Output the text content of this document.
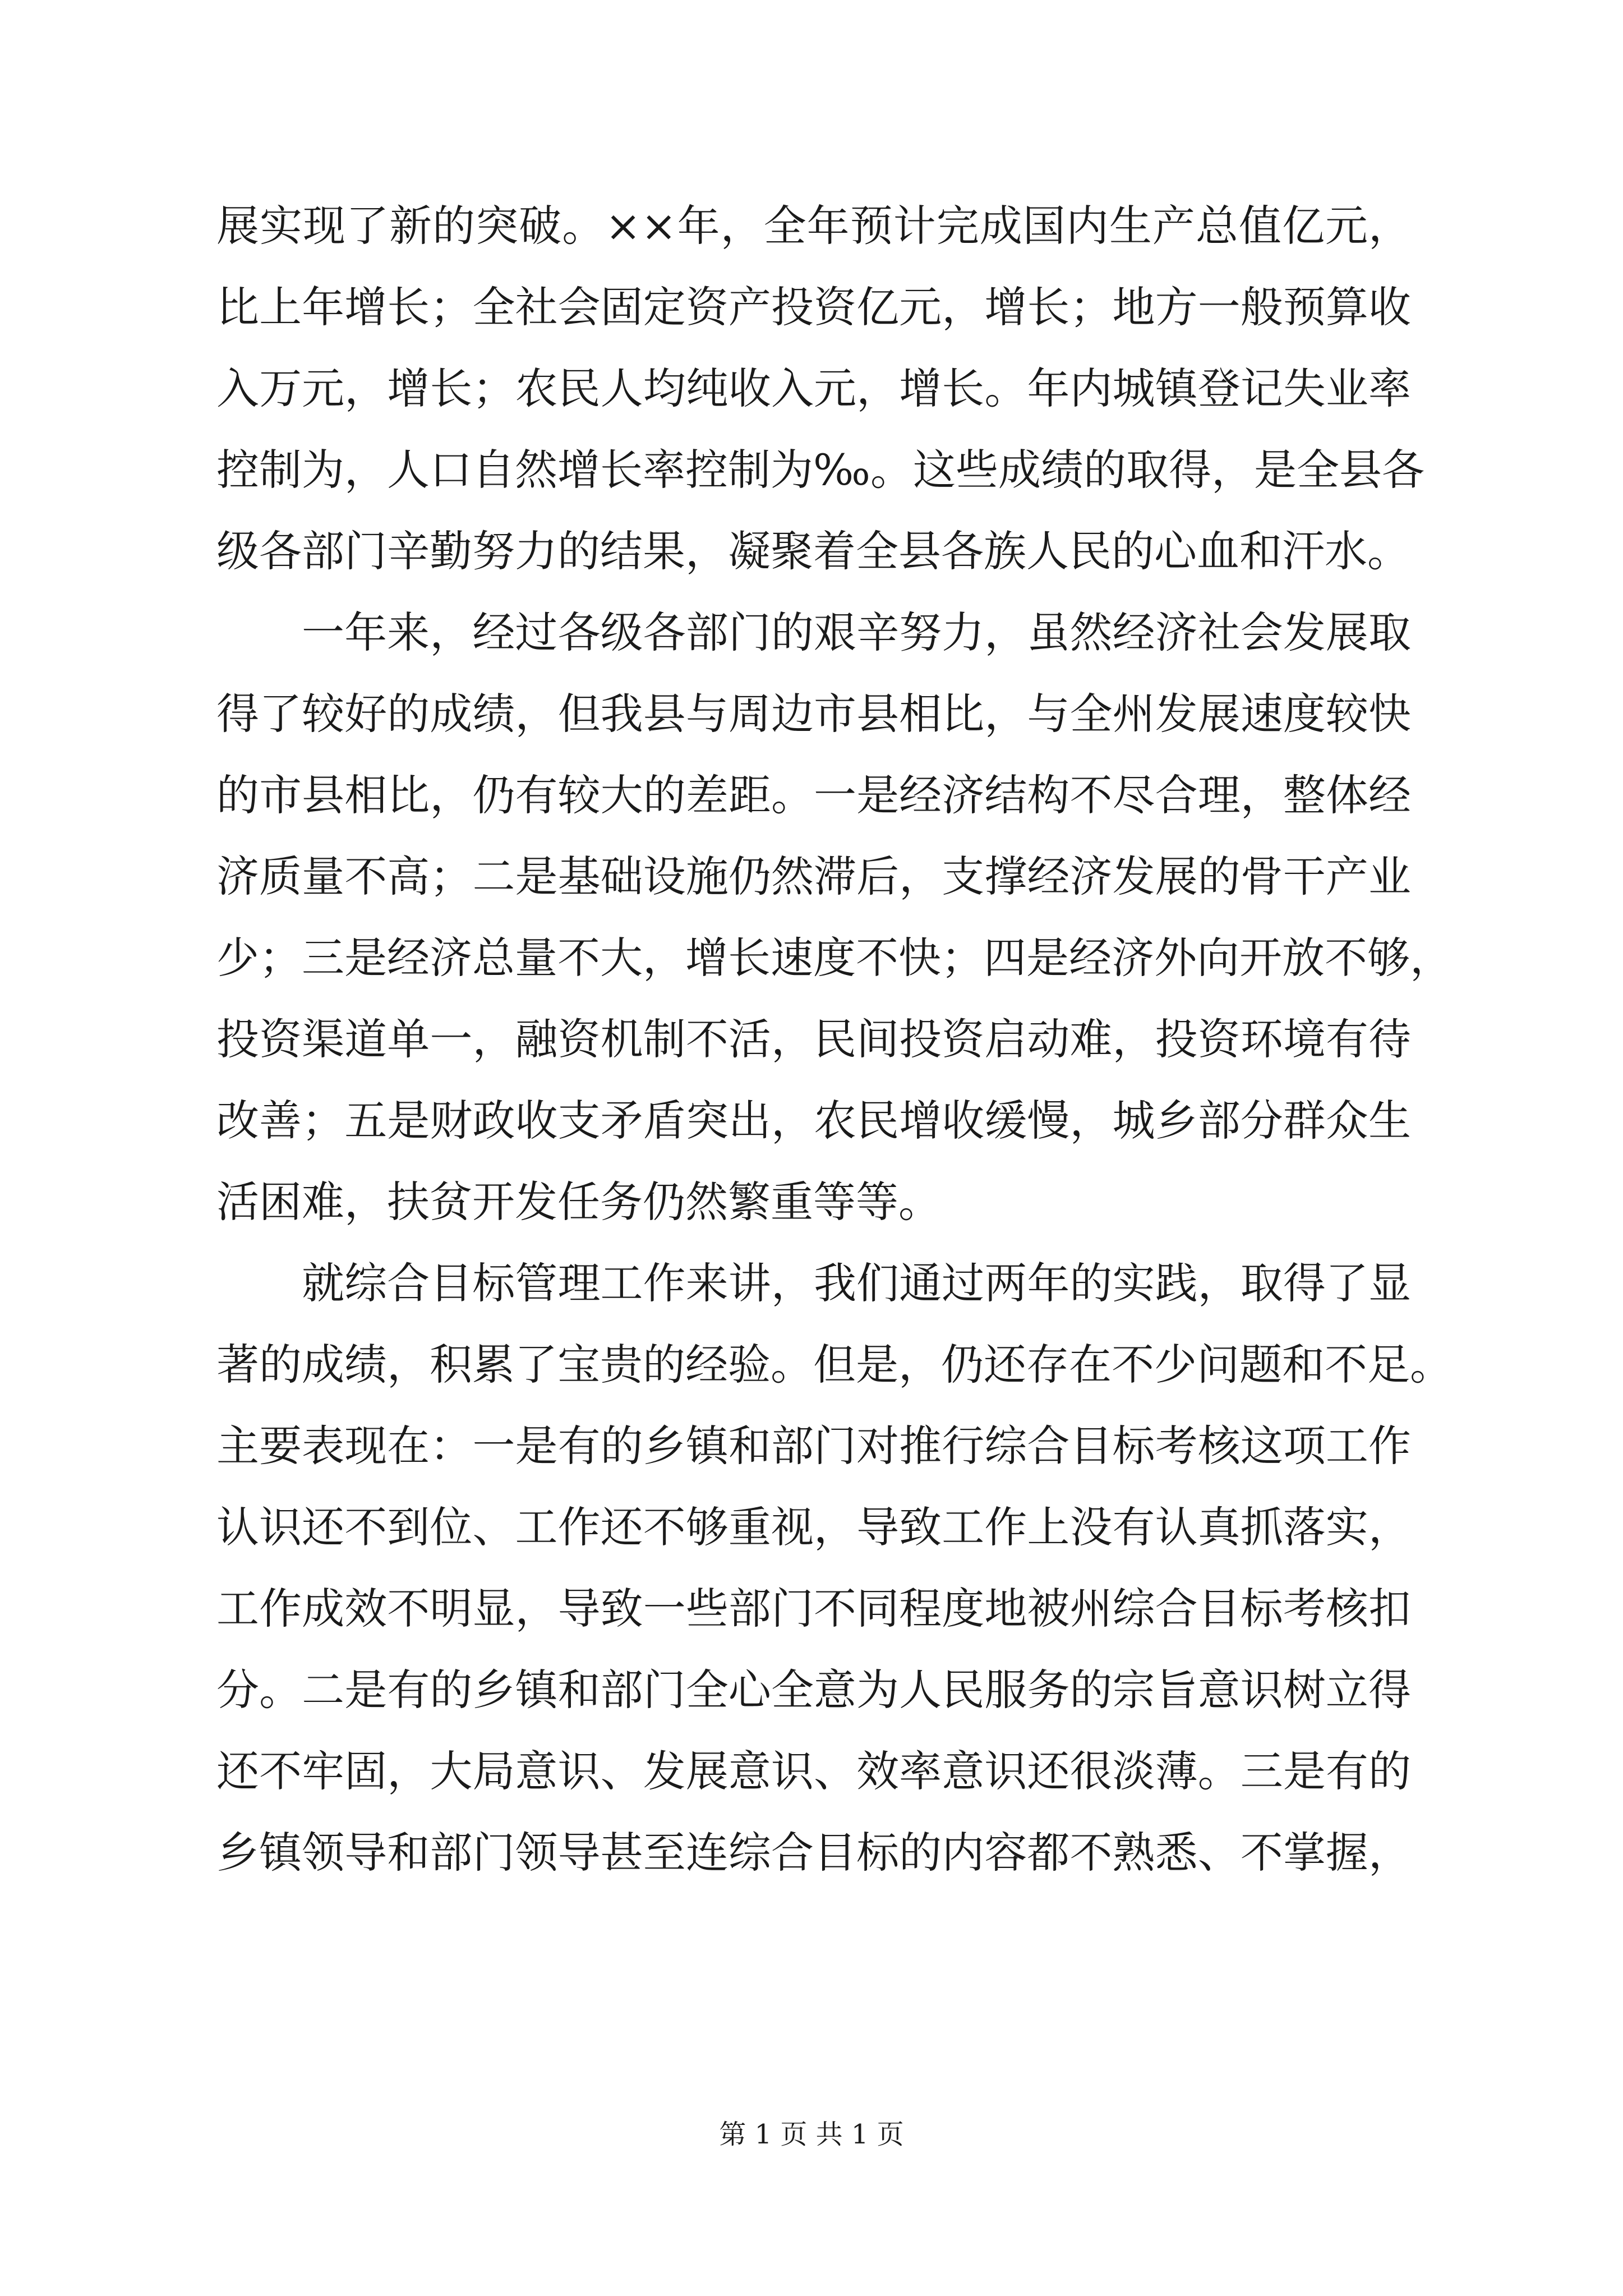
展实现了新的突破。××年，全年预计完成国内生产总值亿元，
比上年增长；全社会固定资产投资亿元，增长；地方一般预算收
入万元，增长；农民人均纯收入元，增长。年内城镇登记失业率
控制为，人口自然增长率控制为‰。这些成绩的取得，是全县各
级各部门辛勤努力的结果，凝聚着全县各族人民的心血和汗水。
一年来，经过各级各部门的艰辛努力，虽然经济社会发展取
得了较好的成绩，但我县与周边市县相比，与全州发展速度较快
的市县相比，仍有较大的差距。一是经济结构不尽合理，整体经
济质量不高；二是基础设施仍然滞后，支撑经济发展的骨干产业
少；三是经济总量不大，增长速度不快；四是经济外向开放不够，
投资渠道单一，融资机制不活，民间投资启动难，投资环境有待
改善；五是财政收支矛盾突出，农民增收缓慢，城乡部分群众生
活困难，扶贫开发任务仍然繁重等等。
就综合目标管理工作来讲，我们通过两年的实践，取得了显
著的成绩，积累了宝贵的经验。但是，仍还存在不少问题和不足。
主要表现在：一是有的乡镇和部门对推行综合目标考核这项工作
认识还不到位、工作还不够重视，导致工作上没有认真抓落实，
工作成效不明显，导致一些部门不同程度地被州综合目标考核扣
分。二是有的乡镇和部门全心全意为人民服务的宗旨意识树立得
还不牢固，大局意识、发展意识、效率意识还很淡薄。三是有的
乡镇领导和部门领导甚至连综合目标的内容都不熟悉、不掌握，
第 1 页 共 1 页
